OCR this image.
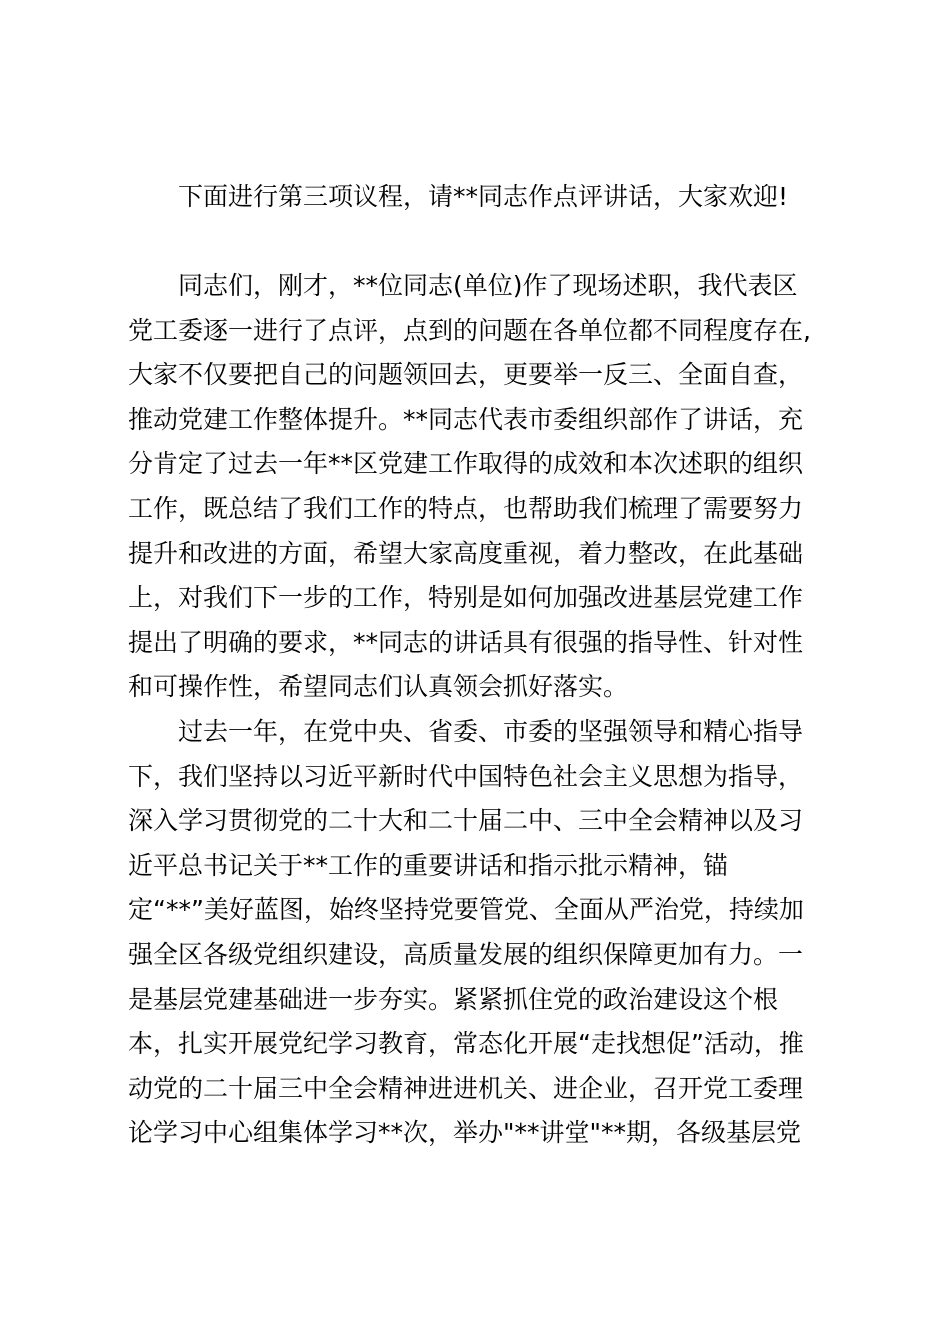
下面进行第三项议程，请**同志作点评讲话，大家欢迎!
同志们，刚才，**位同志(单位)作了现场述职，我代表区
党工委逐一进行了点评，点到的问题在各单位都不同程度存在,
大家不仅要把自己的问题领回去，更要举一反三、全面自查，
推动党建工作整体提升。**同志代表市委组织部作了讲话，充
分肯定了过去一年**区党建工作取得的成效和本次述职的组织
工作，既总结了我们工作的特点，也帮助我们梳理了需要努力
提升和改进的方面，希望大家高度重视，着力整改，在此基础
上，对我们下一步的工作，特别是如何加强改进基层党建工作
提出了明确的要求，**同志的讲话具有很强的指导性、针对性
和可操作性，希望同志们认真领会抓好落实。
过去一年，在党中央、省委、市委的坚强领导和精心指导
下，我们坚持以习近平新时代中国特色社会主义思想为指导，
深入学习贯彻党的二十大和二十届二中、三中全会精神以及习
近平总书记关于**工作的重要讲话和指示批示精神，锚
定“**”美好蓝图，始终坚持党要管党、全面从严治党，持续加
强全区各级党组织建设，高质量发展的组织保障更加有力。一
是基层党建基础进一步夯实。紧紧抓住党的政治建设这个根
本，扎实开展党纪学习教育，常态化开展“走找想促”活动，推
动党的二十届三中全会精神进进机关、进企业，召开党工委理
论学习中心组集体学习**次，举办"**讲堂"**期，各级基层党
